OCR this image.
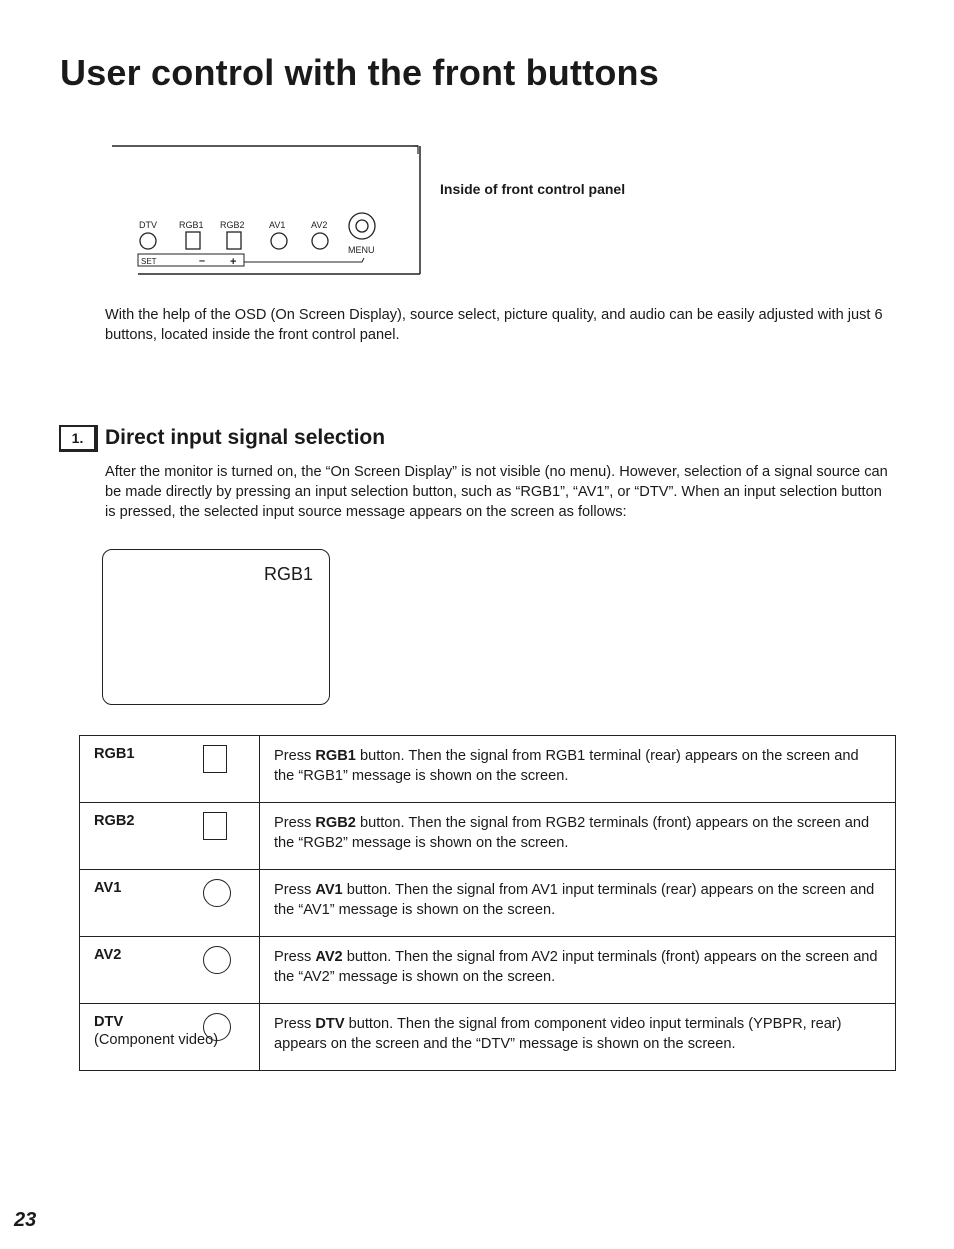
User control with the front buttons
DTV RGB1 RGB2	AV1	AV2
MENU
SET	– +
Inside of front control panel

With the help of the OSD (On Screen Display), source select, picture quality, and audio can be easily adjusted with just 6 buttons, located inside the front control panel.

1.	Direct input signal selection

After the monitor is turned on, the “On Screen Display” is not visible (no menu). However, selection of a signal source can be made directly by pressing an input selection button, such as “RGB1”, “AV1”, or “DTV”. When an input selection button is pressed, the selected input source message appears on the screen as follows:

RGB1
RGB1	Press RGB1 button. Then the signal from RGB1 terminal (rear) appears on the screen and the “RGB1” message is shown on the screen.
RGB2	Press RGB2 button. Then the signal from RGB2 terminals (front) appears on the screen and the “RGB2” message is shown on the screen.
AV1	Press AV1 button. Then the signal from AV1 input terminals (rear) appears on the screen and the “AV1” message is shown on the screen.
AV2	Press AV2 button. Then the signal from AV2 input terminals (front) appears on the screen and the “AV2” message is shown on the screen.
DTV
(Component video)	Press DTV button. Then the signal from component video input terminals (YPBPR, rear) appears on the screen and the “DTV” message is shown on the screen.
23
